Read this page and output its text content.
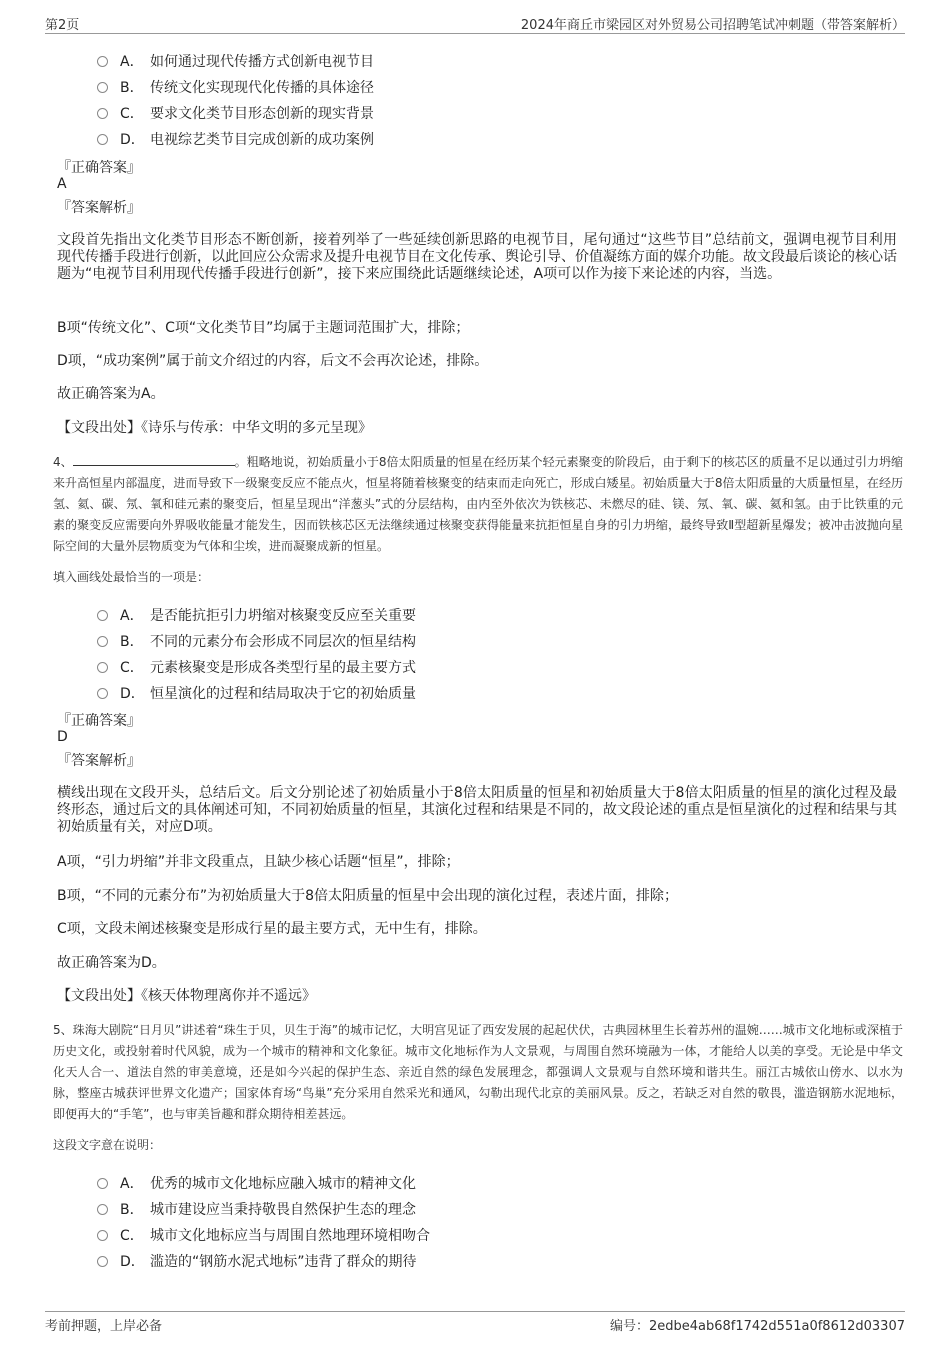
第2页	2024年商丘市梁园区对外贸易公司招聘笔试冲刺题（带答案解析）
A． 如何通过现代传播方式创新电视节目
B． 传统文化实现现代化传播的具体途径
C． 要求文化类节目形态创新的现实背景
D． 电视综艺类节目完成创新的成功案例
『正确答案』
A
『答案解析』
文段首先指出文化类节目形态不断创新，接着列举了一些延续创新思路的电视节目，尾句通过“这些节目”总结前文，强调电视节目利用现代传播手段进行创新，以此回应公众需求及提升电视节目在文化传承、舆论引导、价值凝练方面的媒介功能。故文段最后谈论的核心话题为“电视节目利用现代传播手段进行创新”，接下来应围绕此话题继续论述，A项可以作为接下来论述的内容，当选。
B项“传统文化”、C项“文化类节目”均属于主题词范围扩大，排除；
D项，“成功案例”属于前文介绍过的内容，后文不会再次论述，排除。
故正确答案为A。
【文段出处】《诗乐与传承：中华文明的多元呈现》
4、	。粗略地说，初始质量小于8倍太阳质量的恒星在经历某个轻元素聚变的阶段后，由于剩下的核芯区的质量不足以通过引力坍缩来升高恒星内部温度，进而导致下一级聚变反应不能点火，恒星将随着核聚变的结束而走向死亡，形成白矮星。初始质量大于8倍太阳质量的大质量恒星，在经历氢、氦、碳、氖、氧和硅元素的聚变后，恒星呈现出“洋葱头”式的分层结构，由内至外依次为铁核芯、未燃尽的硅、镁、氖、氧、碳、氦和氢。由于比铁重的元素的聚变反应需要向外界吸收能量才能发生，因而铁核芯区无法继续通过核聚变获得能量来抗拒恒星自身的引力坍缩，最终导致Ⅱ型超新星爆发；被冲击波抛向星际空间的大量外层物质变为气体和尘埃，进而凝聚成新的恒星。
填入画线处最恰当的一项是：
A． 是否能抗拒引力坍缩对核聚变反应至关重要
B． 不同的元素分布会形成不同层次的恒星结构
C． 元素核聚变是形成各类型行星的最主要方式
D． 恒星演化的过程和结局取决于它的初始质量
『正确答案』
D
『答案解析』
横线出现在文段开头，总结后文。后文分别论述了初始质量小于8倍太阳质量的恒星和初始质量大于8倍太阳质量的恒星的演化过程及最终形态，通过后文的具体阐述可知，不同初始质量的恒星，其演化过程和结果是不同的，故文段论述的重点是恒星演化的过程和结果与其初始质量有关，对应D项。
A项，“引力坍缩”并非文段重点，且缺少核心话题“恒星”，排除；
B项，“不同的元素分布”为初始质量大于8倍太阳质量的恒星中会出现的演化过程，表述片面，排除；
C项，文段未阐述核聚变是形成行星的最主要方式，无中生有，排除。
故正确答案为D。
【文段出处】《核天体物理离你并不遥远》
5、珠海大剧院“日月贝”讲述着“珠生于贝，贝生于海”的城市记忆，大明宫见证了西安发展的起起伏伏，古典园林里生长着苏州的温婉……城市文化地标或深植于历史文化，或投射着时代风貌，成为一个城市的精神和文化象征。城市文化地标作为人文景观，与周围自然环境融为一体，才能给人以美的享受。无论是中华文化天人合一、道法自然的审美意境，还是如今兴起的保护生态、亲近自然的绿色发展理念，都强调人文景观与自然环境和谐共生。丽江古城依山傍水、以水为脉，整座古城获评世界文化遗产；国家体育场“鸟巢”充分采用自然采光和通风，勾勒出现代北京的美丽风景。反之，若缺乏对自然的敬畏，滥造钢筋水泥地标，即便再大的“手笔”，也与审美旨趣和群众期待相差甚远。
这段文字意在说明：
A． 优秀的城市文化地标应融入城市的精神文化
B． 城市建设应当秉持敬畏自然保护生态的理念
C． 城市文化地标应当与周围自然地理环境相吻合
D． 滥造的“钢筋水泥式地标”违背了群众的期待
考前押题，上岸必备	编号：2edbe4ab68f1742d551a0f8612d03307
